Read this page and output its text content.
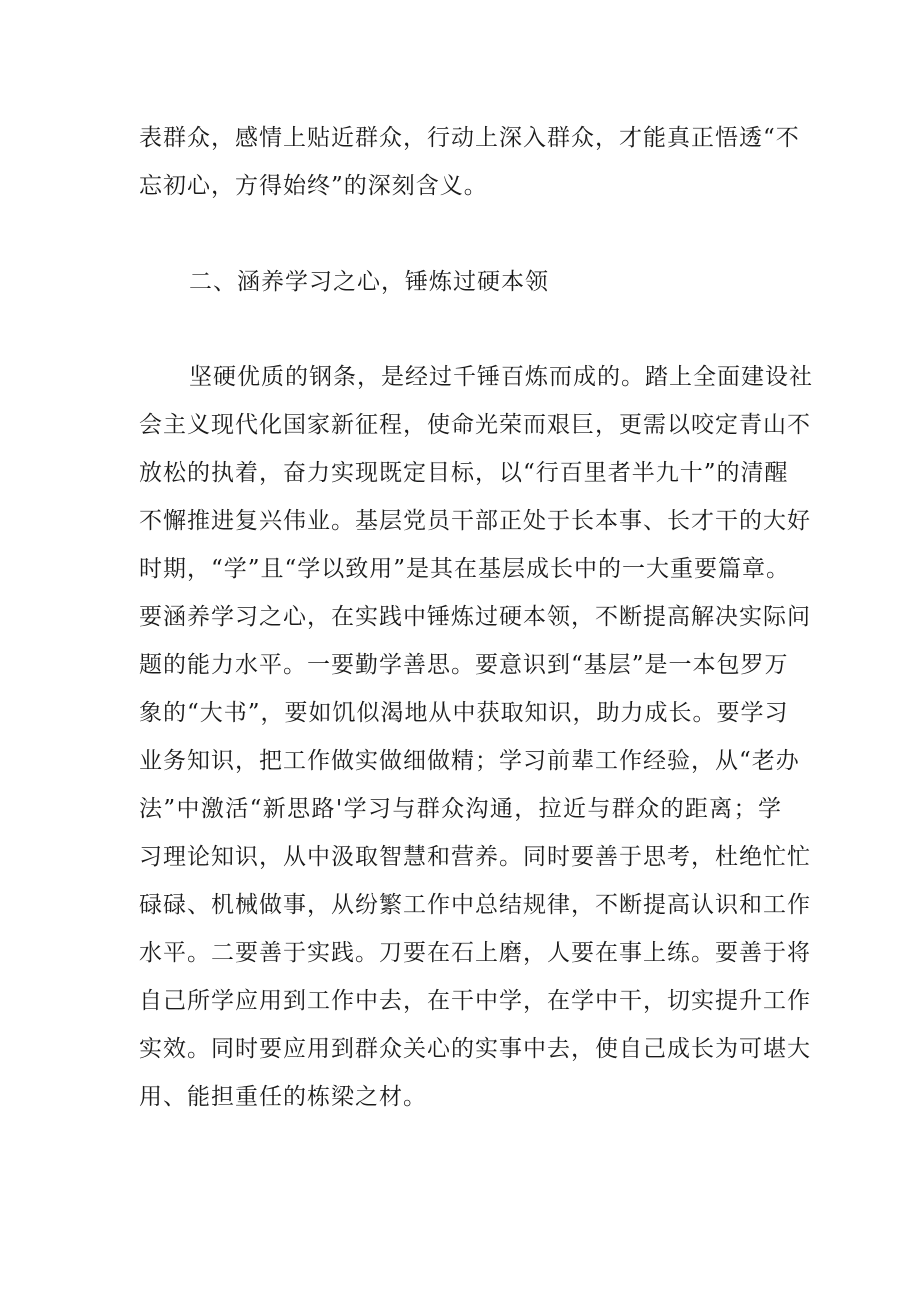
表群众，感情上贴近群众，行动上深入群众，才能真正悟透“不
忘初心，方得始终”的深刻含义。
二、涵养学习之心，锤炼过硬本领
坚硬优质的钢条，是经过千锤百炼而成的。踏上全面建设社
会主义现代化国家新征程，使命光荣而艰巨，更需以咬定青山不
放松的执着，奋力实现既定目标，以“行百里者半九十”的清醒
不懈推进复兴伟业。基层党员干部正处于长本事、长才干的大好
时期，“学”且“学以致用”是其在基层成长中的一大重要篇章。
要涵养学习之心，在实践中锤炼过硬本领，不断提高解决实际问
题的能力水平。一要勤学善思。要意识到“基层”是一本包罗万
象的“大书”，要如饥似渴地从中获取知识，助力成长。要学习
业务知识，把工作做实做细做精；学习前辈工作经验，从“老办
法”中激活“新思路'学习与群众沟通，拉近与群众的距离；学
习理论知识，从中汲取智慧和营养。同时要善于思考，杜绝忙忙
碌碌、机械做事，从纷繁工作中总结规律，不断提高认识和工作
水平。二要善于实践。刀要在石上磨，人要在事上练。要善于将
自己所学应用到工作中去，在干中学，在学中干，切实提升工作
实效。同时要应用到群众关心的实事中去，使自己成长为可堪大
用、能担重任的栋梁之材。
